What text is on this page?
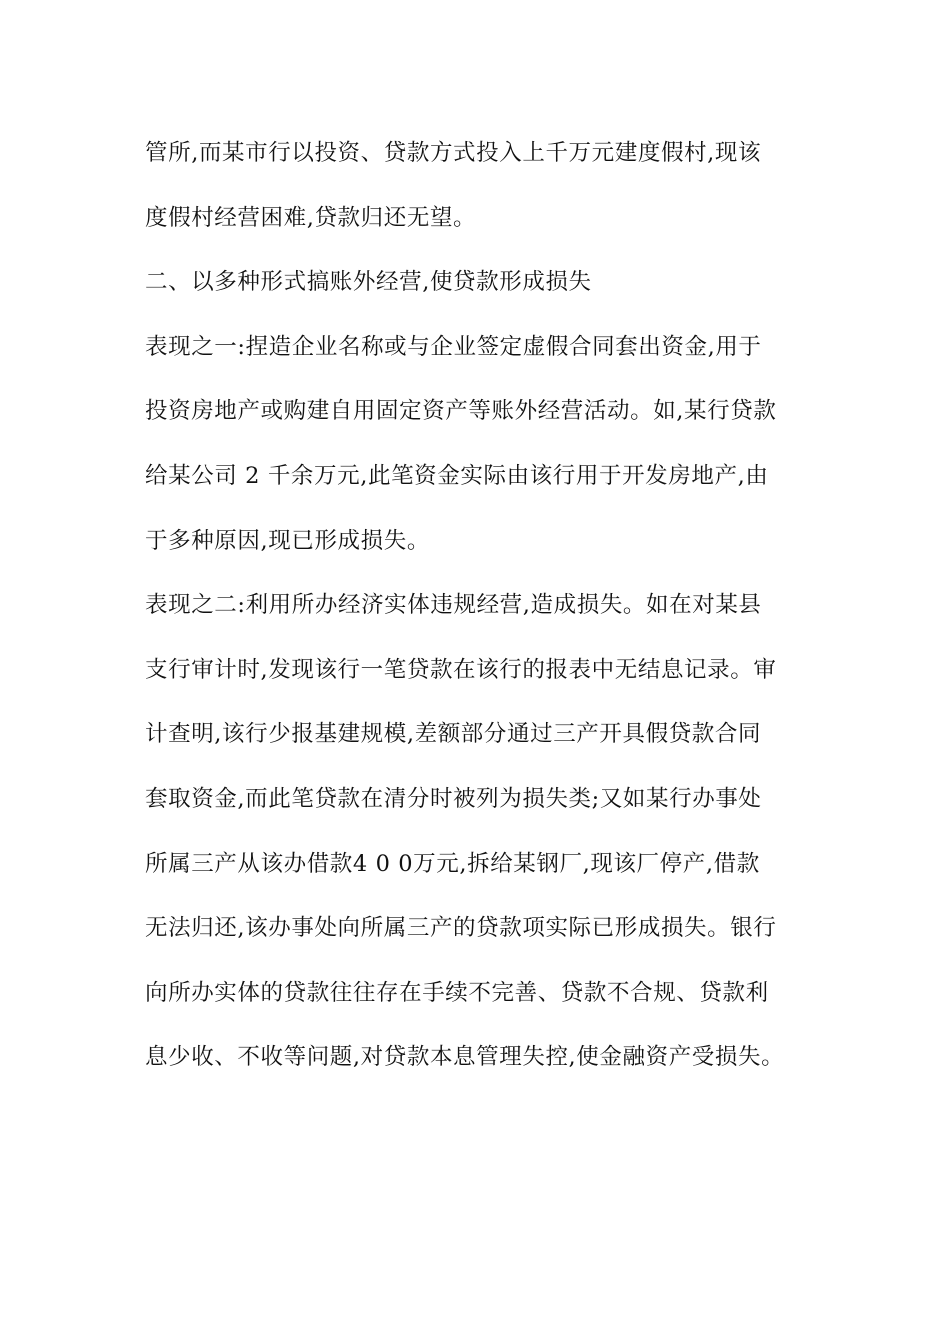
管所,而某市行以投资、贷款方式投入上千万元建度假村,现该
度假村经营困难,贷款归还无望。
二、以多种形式搞账外经营,使贷款形成损失
表现之一:捏造企业名称或与企业签定虚假合同套出资金,用于
投资房地产或购建自用固定资产等账外经营活动。如,某行贷款
给某公司 2 千余万元,此笔资金实际由该行用于开发房地产,由
于多种原因,现已形成损失。
表现之二:利用所办经济实体违规经营,造成损失。如在对某县
支行审计时,发现该行一笔贷款在该行的报表中无结息记录。审
计查明,该行少报基建规模,差额部分通过三产开具假贷款合同
套取资金,而此笔贷款在清分时被列为损失类;又如某行办事处
所属三产从该办借款4 0 0万元,拆给某钢厂,现该厂停产,借款
无法归还,该办事处向所属三产的贷款项实际已形成损失。银行
向所办实体的贷款往往存在手续不完善、贷款不合规、贷款利
息少收、不收等问题,对贷款本息管理失控,使金融资产受损失。
